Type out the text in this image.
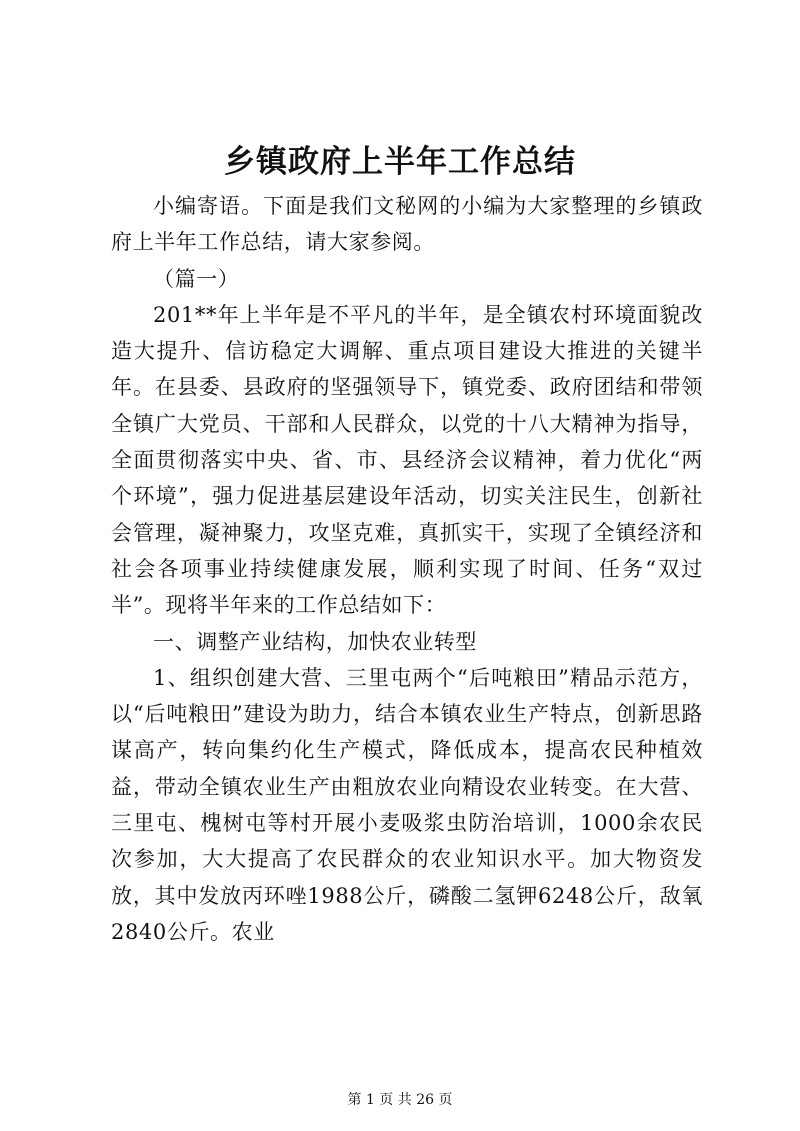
乡镇政府上半年工作总结

小编寄语。下面是我们文秘网的小编为大家整理的乡镇政府上半年工作总结，请大家参阅。

（篇一）

201**年上半年是不平凡的半年，是全镇农村环境面貌改造大提升、信访稳定大调解、重点项目建设大推进的关键半年。在县委、县政府的坚强领导下，镇党委、政府团结和带领全镇广大党员、干部和人民群众，以党的十八大精神为指导，全面贯彻落实中央、省、市、县经济会议精神，着力优化“两个环境”，强力促进基层建设年活动，切实关注民生，创新社会管理，凝神聚力，攻坚克难，真抓实干，实现了全镇经济和社会各项事业持续健康发展，顺利实现了时间、任务“双过半”。现将半年来的工作总结如下：

一、调整产业结构，加快农业转型

1、组织创建大营、三里屯两个“后吨粮田”精品示范方，以“后吨粮田”建设为助力，结合本镇农业生产特点，创新思路谋高产，转向集约化生产模式，降低成本，提高农民种植效益，带动全镇农业生产由粗放农业向精设农业转变。在大营、三里屯、槐树屯等村开展小麦吸浆虫防治培训，1000余农民次参加，大大提高了农民群众的农业知识水平。加大物资发放，其中发放丙环唑1988公斤，磷酸二氢钾6248公斤，敌氧2840公斤。农业

第 1 页 共 26 页
